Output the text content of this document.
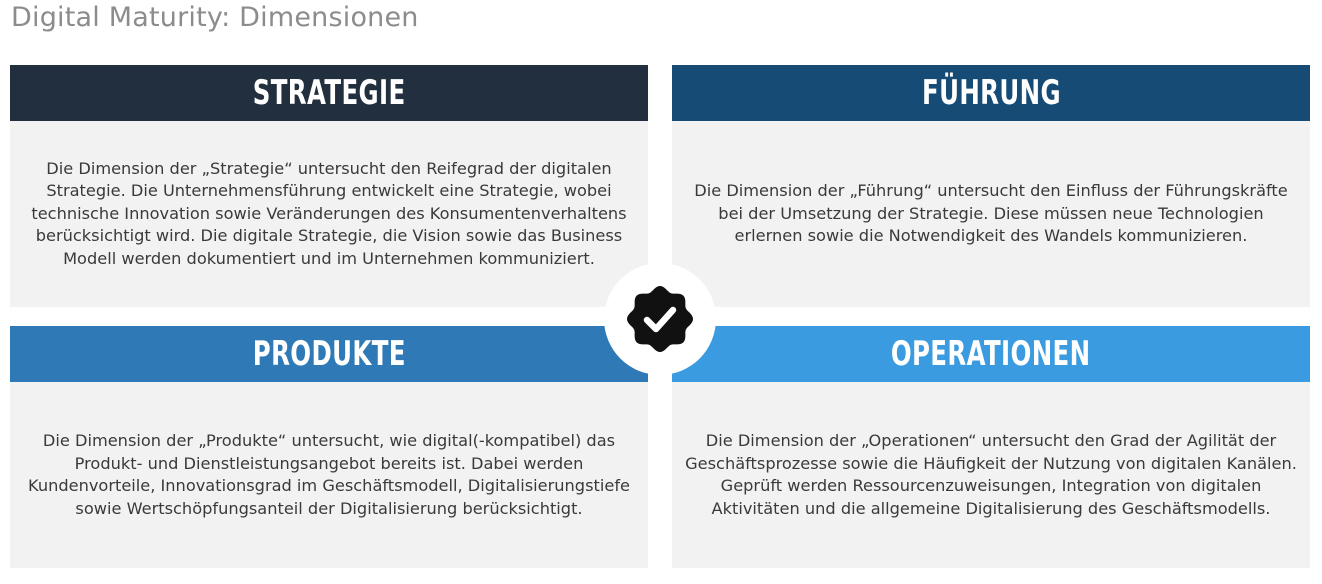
Digital Maturity: Dimensionen
STRATEGIE
Die Dimension der „Strategie“ untersucht den Reifegrad der digitalen Strategie. Die Unternehmensführung entwickelt eine Strategie, wobei technische Innovation sowie Veränderungen des Konsumentenverhaltens berücksichtigt wird. Die digitale Strategie, die Vision sowie das Business Modell werden dokumentiert und im Unternehmen kommuniziert.
FÜHRUNG
Die Dimension der „Führung“ untersucht den Einfluss der Führungskräfte bei der Umsetzung der Strategie. Diese müssen neue Technologien erlernen sowie die Notwendigkeit des Wandels kommunizieren.
PRODUKTE
Die Dimension der „Produkte“ untersucht, wie digital(-kompatibel) das Produkt- und Dienstleistungsangebot bereits ist. Dabei werden Kundenvorteile, Innovationsgrad im Geschäftsmodell, Digitalisierungstiefe sowie Wertschöpfungsanteil der Digitalisierung berücksichtigt.
OPERATIONEN
Die Dimension der „Operationen“ untersucht den Grad der Agilität der Geschäftsprozesse sowie die Häufigkeit der Nutzung von digitalen Kanälen. Geprüft werden Ressourcenzuweisungen, Integration von digitalen Aktivitäten und die allgemeine Digitalisierung des Geschäftsmodells.
